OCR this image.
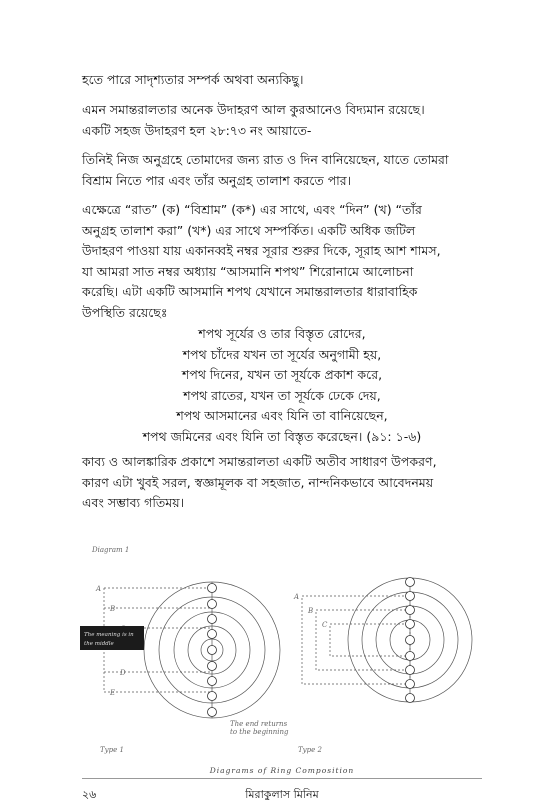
হতে পারে সাদৃশ্যতার সম্পর্ক অথবা অন্যকিছু।

এমন সমান্তরালতার অনেক উদাহরণ আল কুরআনেও বিদ্যমান রয়েছে।
একটি সহজ উদাহরণ হল ২৮:৭৩ নং আয়াতে-

তিনিই নিজ অনুগ্রহে তোমাদের জন্য রাত ও দিন বানিয়েছেন, যাতে তোমরা
বিশ্রাম নিতে পার এবং তাঁর অনুগ্রহ তালাশ করতে পার।

এক্ষেত্রে “রাত” (ক) “বিশ্রাম” (ক*) এর সাথে, এবং “দিন” (খ) “তাঁর
অনুগ্রহ তালাশ করা” (খ*) এর সাথে সম্পর্কিত। একটি অধিক জটিল
উদাহরণ পাওয়া যায় একানব্বই নম্বর সূরার শুরুর দিকে, সূরাহ আশ শামস,
যা আমরা সাত নম্বর অধ্যায় “আসমানি শপথ” শিরোনামে আলোচনা
করেছি। এটা একটি আসমানি শপথ যেখানে সমান্তরালতার ধারাবাহিক
উপস্থিতি রয়েছেঃ

শপথ সূর্যের ও তার বিস্তৃত রোদের,
শপথ চাঁদের যখন তা সূর্যের অনুগামী হয়,
শপথ দিনের, যখন তা সূর্যকে প্রকাশ করে,
শপথ রাতের, যখন তা সূর্যকে ঢেকে দেয়,
শপথ আসমানের এবং যিনি তা বানিয়েছেন,
শপথ জমিনের এবং যিনি তা বিস্তৃত করেছেন। (৯১: ১-৬)

কাব্য ও আলঙ্কারিক প্রকাশে সমান্তরালতা একটি অতীব সাধারণ উপকরণ,
কারণ এটা খুবই সরল, স্বজ্ঞামূলক বা সহজাত, নান্দনিকভাবে আবেদনময়
এবং সম্ভাব্য গতিময়।

Diagram 1
A
B
D
E
The meaning is in
the middle
The end returns
to the beginning
Type 1
A
B
C
Type 2
Diagrams of Ring Composition
২৬	মিরাকুলাস মিনিম
